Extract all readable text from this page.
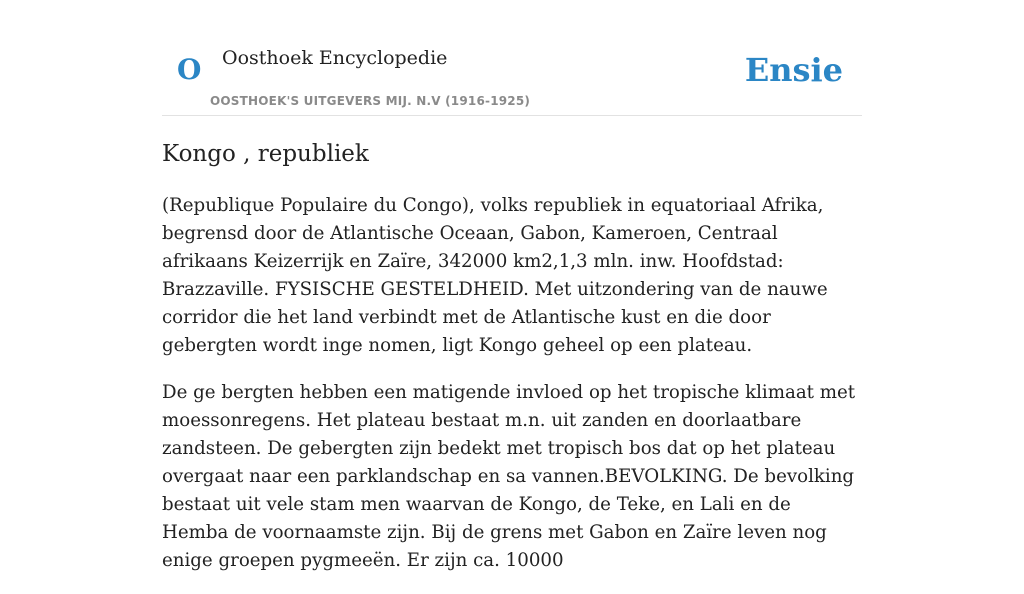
O Oosthoek Encyclopedie
OOSTHOEK'S UITGEVERS MIJ. N.V (1916-1925)
Ensie
Kongo , republiek

(Republique Populaire du Congo), volks republiek in equatoriaal Afrika, begrensd door de Atlantische Oceaan, Gabon, Kameroen, Centraal afrikaans Keizerrijk en Zaïre, 342000 km2,1,3 mln. inw. Hoofdstad: Brazzaville. FYSISCHE GESTELDHEID. Met uitzondering van de nauwe corridor die het land verbindt met de Atlantische kust en die door gebergten wordt inge nomen, ligt Kongo geheel op een plateau.

De ge bergten hebben een matigende invloed op het tropische klimaat met moessonregens. Het plateau bestaat m.n. uit zanden en doorlaatbare zandsteen. De gebergten zijn bedekt met tropisch bos dat op het plateau overgaat naar een parklandschap en sa vannen.BEVOLKING. De bevolking bestaat uit vele stam men waarvan de Kongo, de Teke, en Lali en de Hemba de voornaamste zijn. Bij de grens met Gabon en Zaïre leven nog enige groepen pygmeeën. Er zijn ca. 10000
